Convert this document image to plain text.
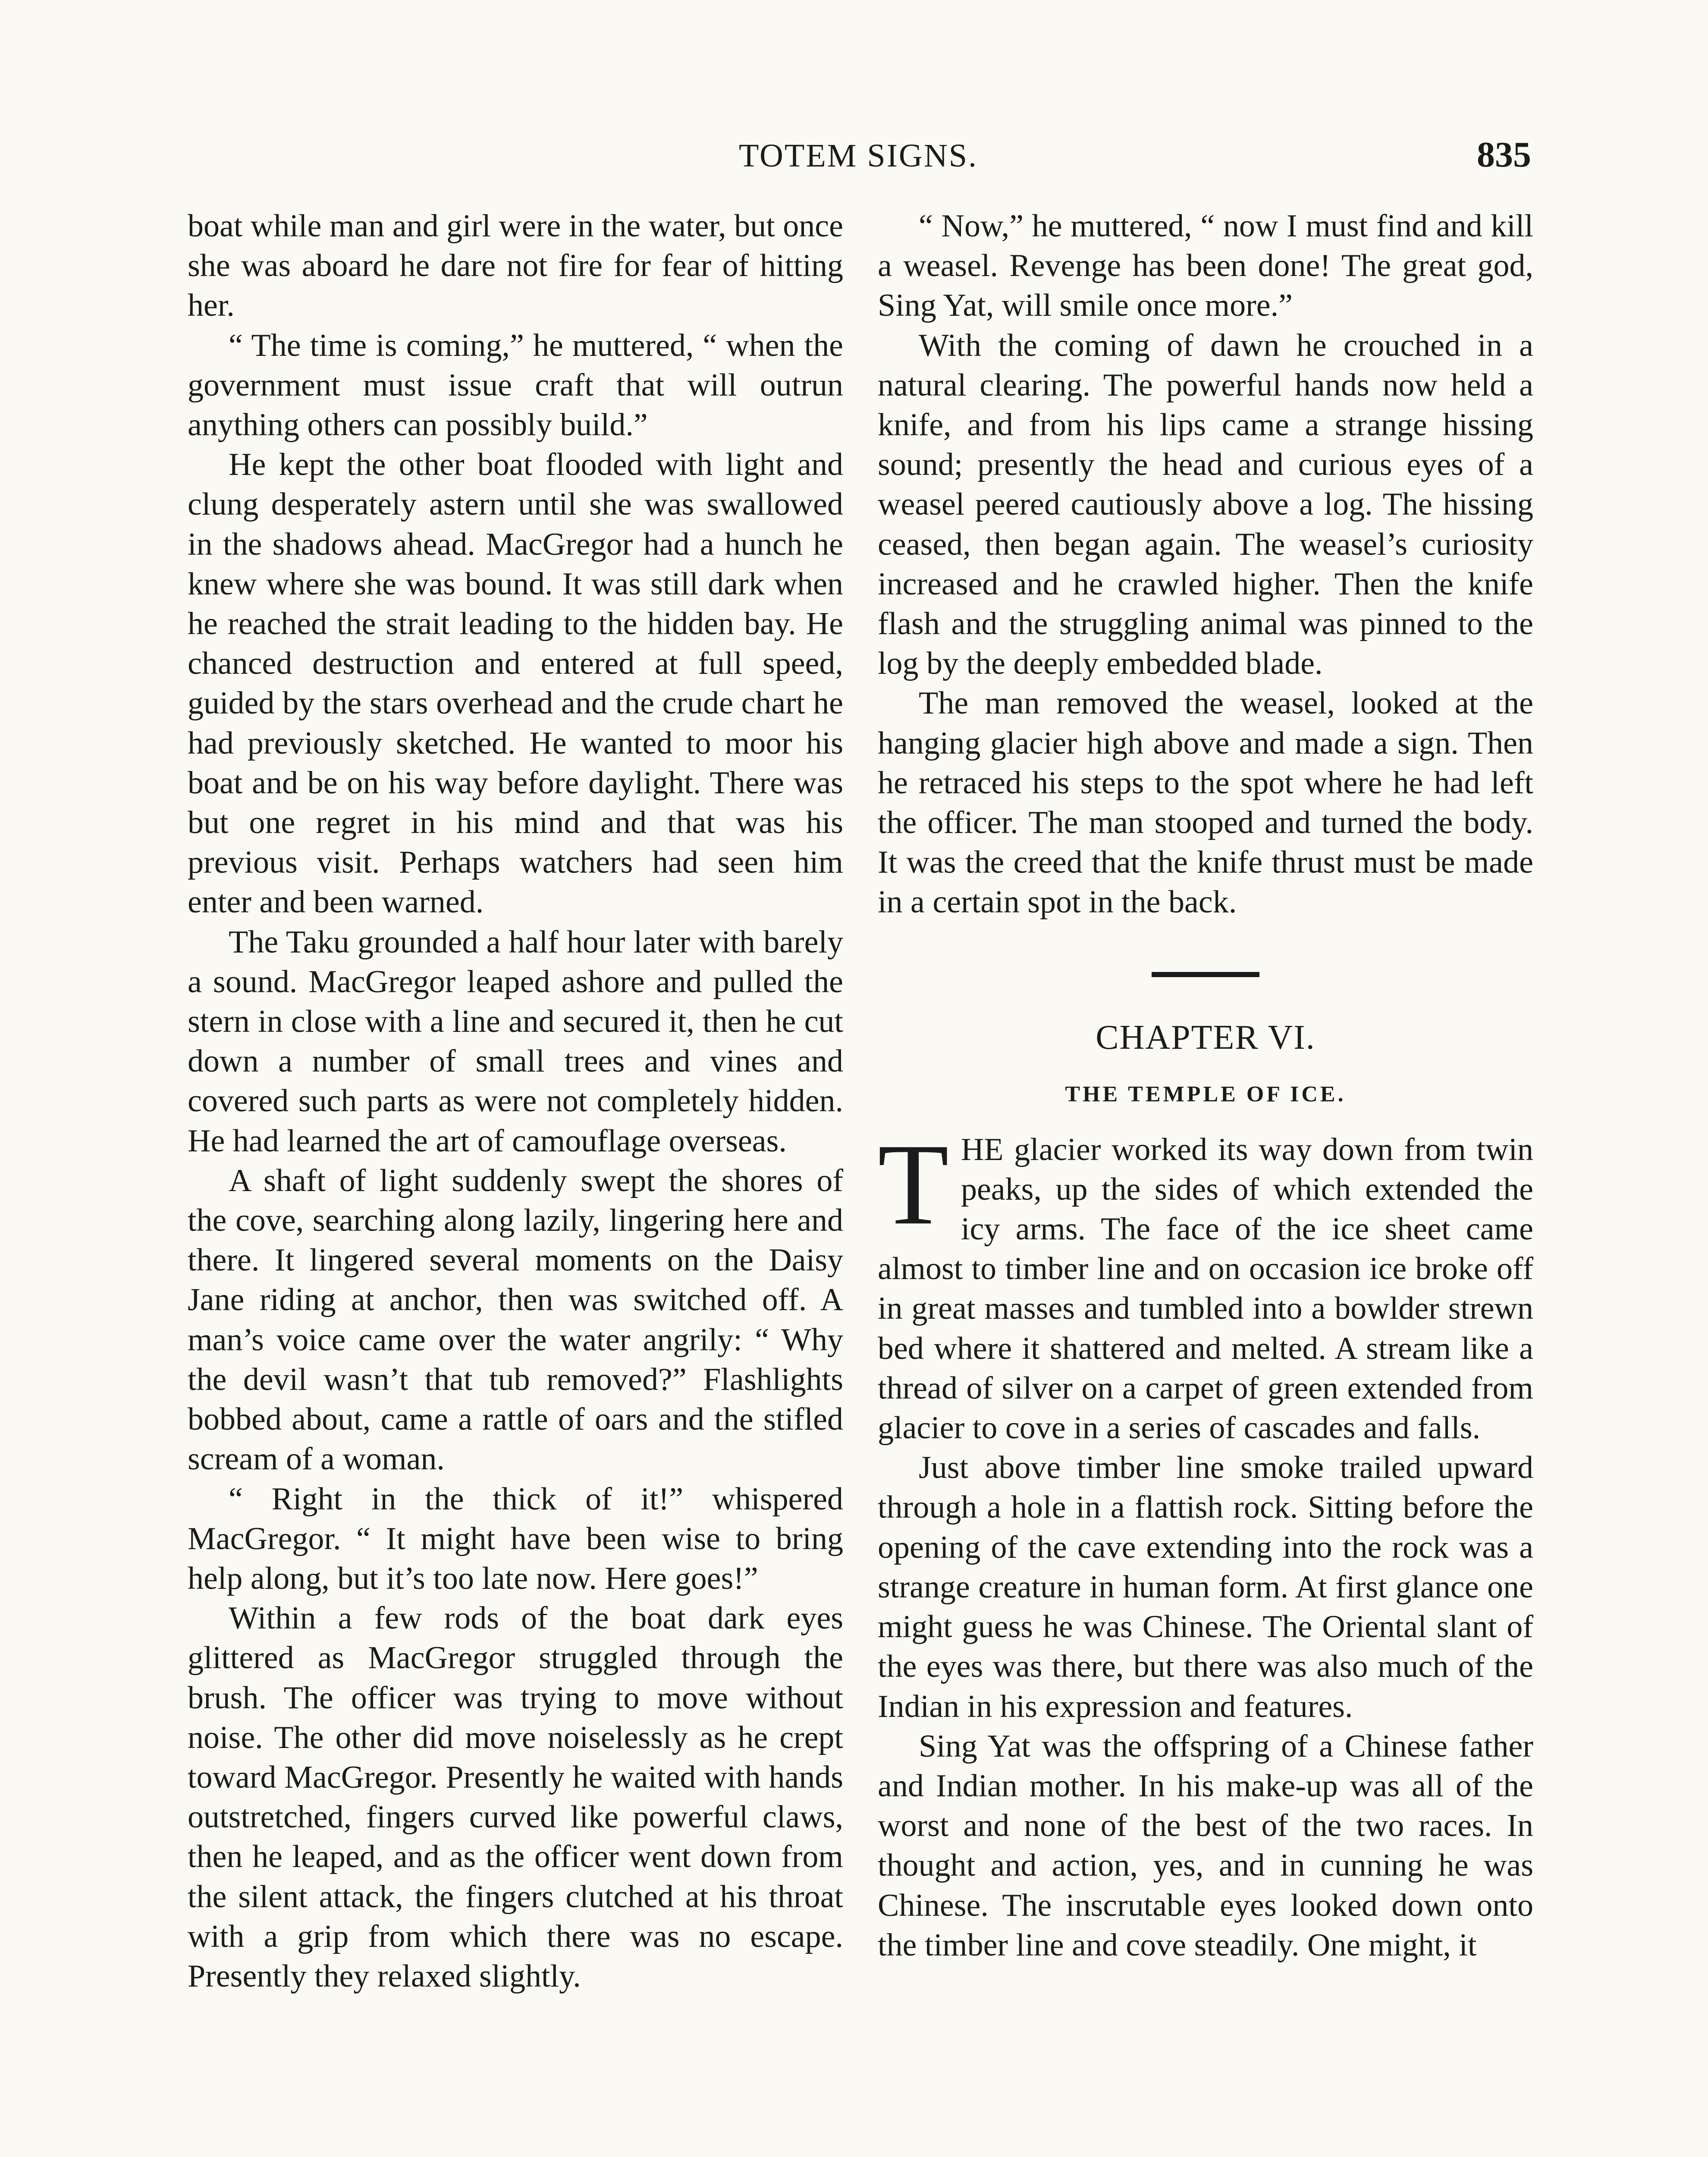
TOTEM SIGNS.	835

boat while man and girl were in the water, but once she was aboard he dare not fire for fear of hitting her.

“ The time is coming,” he muttered, “ when the government must issue craft that will outrun anything others can possibly build.”

He kept the other boat flooded with light and clung desperately astern until she was swallowed in the shadows ahead. MacGregor had a hunch he knew where she was bound. It was still dark when he reached the strait leading to the hidden bay. He chanced destruction and entered at full speed, guided by the stars overhead and the crude chart he had previously sketched. He wanted to moor his boat and be on his way before daylight. There was but one regret in his mind and that was his previous visit. Perhaps watchers had seen him enter and been warned.

The Taku grounded a half hour later with barely a sound. MacGregor leaped ashore and pulled the stern in close with a line and secured it, then he cut down a number of small trees and vines and covered such parts as were not completely hidden. He had learned the art of camouflage overseas.

A shaft of light suddenly swept the shores of the cove, searching along lazily, lingering here and there. It lingered several moments on the Daisy Jane riding at anchor, then was switched off. A man’s voice came over the water angrily: “ Why the devil wasn’t that tub removed?” Flashlights bobbed about, came a rattle of oars and the stifled scream of a woman.

“ Right in the thick of it!” whispered MacGregor. “ It might have been wise to bring help along, but it’s too late now. Here goes!”

Within a few rods of the boat dark eyes glittered as MacGregor struggled through the brush. The officer was trying to move without noise. The other did move noiselessly as he crept toward MacGregor. Presently he waited with hands outstretched, fingers curved like powerful claws, then he leaped, and as the officer went down from the silent attack, the fingers clutched at his throat with a grip from which there was no escape. Presently they relaxed slightly.

“ Now,” he muttered, “ now I must find and kill a weasel. Revenge has been done! The great god, Sing Yat, will smile once more.”

With the coming of dawn he crouched in a natural clearing. The powerful hands now held a knife, and from his lips came a strange hissing sound; presently the head and curious eyes of a weasel peered cautiously above a log. The hissing ceased, then began again. The weasel’s curiosity increased and he crawled higher. Then the knife flash and the struggling animal was pinned to the log by the deeply embedded blade.

The man removed the weasel, looked at the hanging glacier high above and made a sign. Then he retraced his steps to the spot where he had left the officer. The man stooped and turned the body. It was the creed that the knife thrust must be made in a certain spot in the back.

CHAPTER VI.
THE TEMPLE OF ICE.

THE glacier worked its way down from twin peaks, up the sides of which extended the icy arms. The face of the ice sheet came almost to timber line and on occasion ice broke off in great masses and tumbled into a bowlder strewn bed where it shattered and melted. A stream like a thread of silver on a carpet of green extended from glacier to cove in a series of cascades and falls.

Just above timber line smoke trailed upward through a hole in a flattish rock. Sitting before the opening of the cave extending into the rock was a strange creature in human form. At first glance one might guess he was Chinese. The Oriental slant of the eyes was there, but there was also much of the Indian in his expression and features.

Sing Yat was the offspring of a Chinese father and Indian mother. In his make-up was all of the worst and none of the best of the two races. In thought and action, yes, and in cunning he was Chinese. The inscrutable eyes looked down onto the timber line and cove steadily. One might, it
